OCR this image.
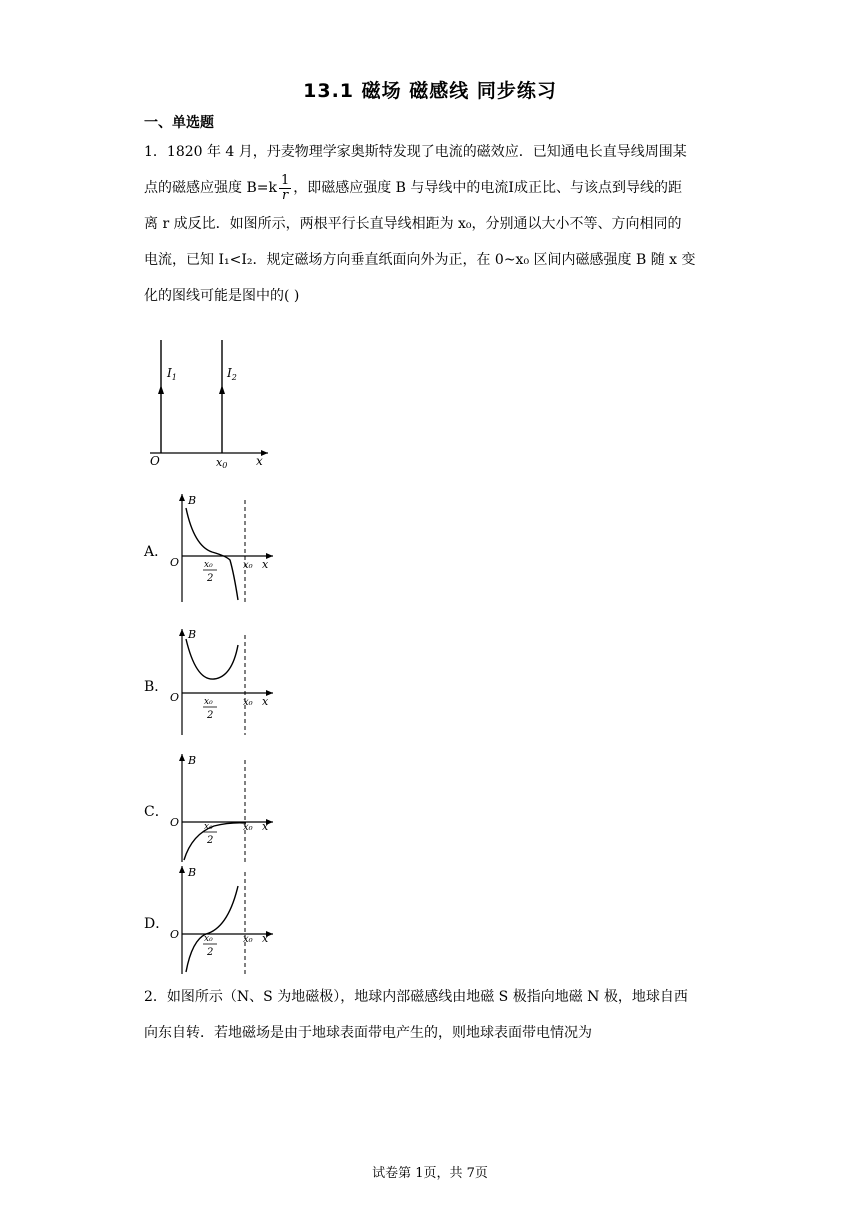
13.1 磁场 磁感线 同步练习
一、单选题
1．1820 年 4 月，丹麦物理学家奥斯特发现了电流的磁效应．已知通电长直导线周围某
点的磁感应强度 $B=k \frac{1}{r}$ ，即磁感应强度 B 与导线中的电流I成正比、与该点到导线的距
离 r 成反比．如图所示，两根平行长直导线相距为 x₀，分别通以大小不等、方向相同的
电流，已知 I₁<I₂．规定磁场方向垂直纸面向外为正，在 0~x₀ 区间内磁感强度 B 随 x 变
化的图线可能是图中的( )
$I_1$	$I_2$
O	x0 x
A．
B
O	x
x₀
x₀
2
B．
B
O	x
x₀
x₀
2
C．
B
O	x
x₀
x₀
2
D．
B
O	x
x₀
x₀
2
2．如图所示（N、S 为地磁极），地球内部磁感线由地磁 S 极指向地磁 N 极，地球自西
向东自转．若地磁场是由于地球表面带电产生的，则地球表面带电情况为
试卷第 1页，共 7页
